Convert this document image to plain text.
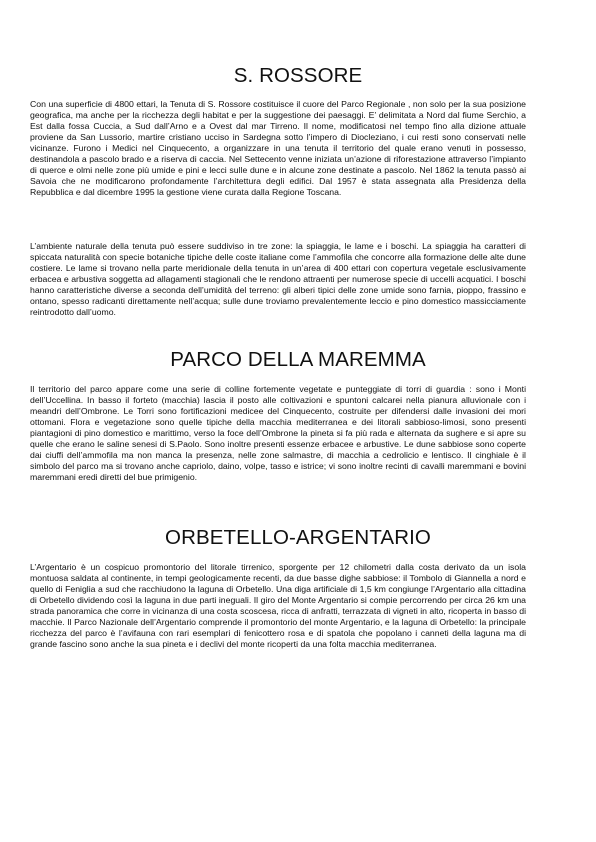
S. ROSSORE

Con una superficie di 4800 ettari, la Tenuta di S. Rossore costituisce il cuore del Parco Regionale , non solo per la sua posizione geografica, ma anche per la ricchezza degli habitat e per la suggestione dei paesaggi. E’ delimitata a Nord dal fiume Serchio, a Est dalla fossa Cuccia, a Sud dall’Arno e a Ovest dal mar Tirreno. Il nome, modificatosi nel tempo fino alla dizione attuale proviene da San Lussorio, martire cristiano ucciso in Sardegna sotto l’impero di Diocleziano, i cui resti sono conservati nelle vicinanze. Furono i Medici nel Cinquecento, a organizzare in una tenuta il territorio del quale erano venuti in possesso, destinandola a pascolo brado e a riserva di caccia. Nel Settecento venne iniziata un’azione di riforestazione attraverso l’impianto di querce e olmi nelle zone più umide e pini e lecci sulle dune e in alcune zone destinate a pascolo. Nel 1862 la tenuta passò ai Savoia che ne modificarono profondamente l’architettura degli edifici. Dal 1957 è stata assegnata alla Presidenza della Repubblica e dal dicembre 1995 la gestione viene curata dalla Regione Toscana.

L’ambiente naturale della tenuta può essere suddiviso in tre zone: la spiaggia, le lame e i boschi. La spiaggia ha caratteri di spiccata naturalità con specie botaniche tipiche delle coste italiane come l’ammofila che concorre alla formazione delle alte dune costiere. Le lame si trovano nella parte meridionale della tenuta in un’area di 400 ettari con copertura vegetale esclusivamente erbacea e arbustiva soggetta ad allagamenti stagionali che le rendono attraenti per numerose specie di uccelli acquatici. I boschi hanno caratteristiche diverse a seconda dell’umidità del terreno: gli alberi tipici delle zone umide sono farnia, pioppo, frassino e ontano, spesso radicanti direttamente nell’acqua; sulle dune troviamo prevalentemente leccio e pino domestico massicciamente reintrodotto dall’uomo.

PARCO DELLA MAREMMA

Il territorio del parco appare come una serie di colline fortemente vegetate e punteggiate di torri di guardia : sono i Monti dell’Uccellina. In basso il forteto (macchia) lascia il posto alle coltivazioni e spuntoni calcarei nella pianura alluvionale con i meandri dell’Ombrone. Le Torri sono fortificazioni medicee del Cinquecento, costruite per difendersi dalle invasioni dei mori ottomani. Flora e vegetazione sono quelle tipiche della macchia mediterranea e dei litorali sabbioso-limosi, sono presenti piantagioni di pino domestico e marittimo, verso la foce dell’Ombrone la pineta si fa più rada e alternata da sughere e si apre su quelle che erano le saline senesi di S.Paolo. Sono inoltre presenti essenze erbacee e arbustive. Le dune sabbiose sono coperte dai ciuffi dell’ammofila ma non manca la presenza, nelle zone salmastre, di macchia a cedrolicio e lentisco. Il cinghiale è il simbolo del parco ma si trovano anche capriolo, daino, volpe, tasso e istrice; vi sono inoltre recinti di cavalli maremmani e bovini maremmani eredi diretti del bue primigenio.

ORBETELLO-ARGENTARIO

L’Argentario è un cospicuo promontorio del litorale tirrenico, sporgente per 12 chilometri dalla costa derivato da un isola montuosa saldata al continente, in tempi geologicamente recenti, da due basse dighe sabbiose: il Tombolo di Giannella a nord e quello di Feniglia a sud che racchiudono la laguna di Orbetello. Una diga artificiale di 1,5 km congiunge l’Argentario alla cittadina di Orbetello dividendo così la laguna in due parti ineguali. Il giro del Monte Argentario si compie percorrendo per circa 26 km una strada panoramica che corre in vicinanza di una costa scoscesa, ricca di anfratti, terrazzata di vigneti in alto, ricoperta in basso di macchie. Il Parco Nazionale dell’Argentario comprende il promontorio del monte Argentario, e la laguna di Orbetello: la principale ricchezza del parco è l’avifauna con rari esemplari di fenicottero rosa e di spatola che popolano i canneti della laguna ma di grande fascino sono anche la sua pineta e i declivi del monte ricoperti da una folta macchia mediterranea.
